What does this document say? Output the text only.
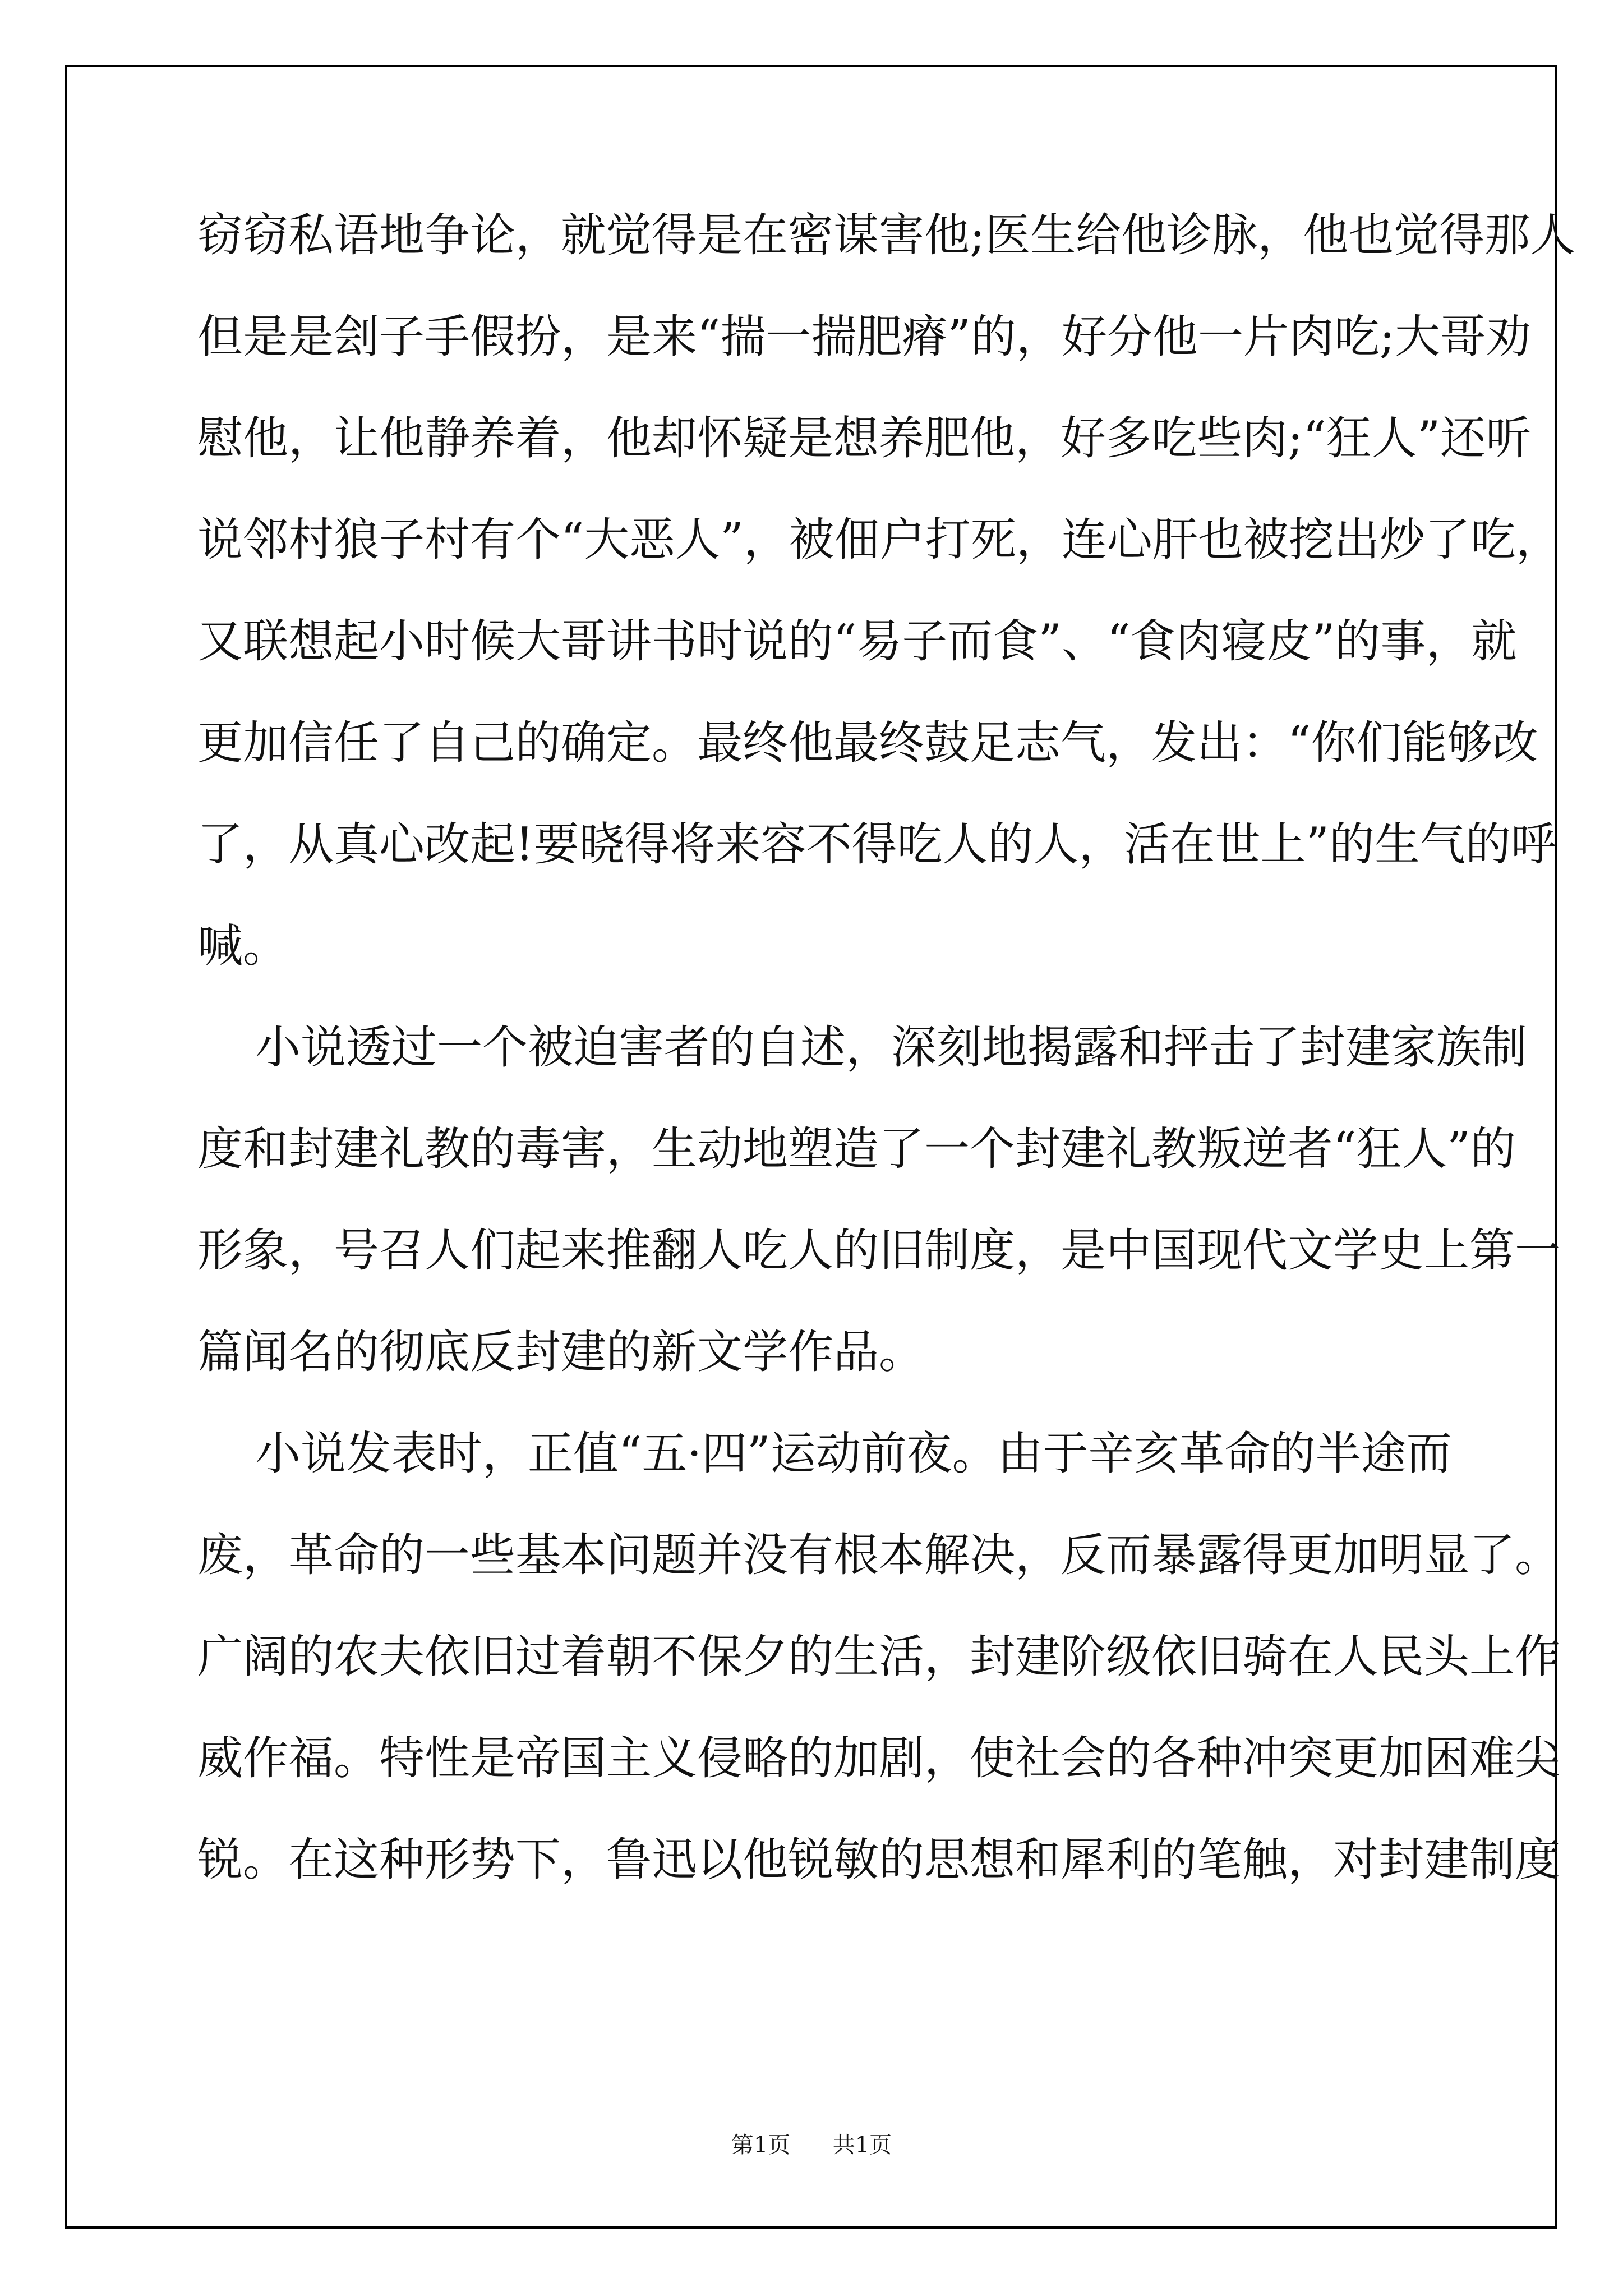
窃窃私语地争论，就觉得是在密谋害他;医生给他诊脉，他也觉得那人
但是是刽子手假扮，是来“揣一揣肥瘠”的，好分他一片肉吃;大哥劝
慰他，让他静养着，他却怀疑是想养肥他，好多吃些肉;“狂人”还听
说邻村狼子村有个“大恶人”，被佃户打死，连心肝也被挖出炒了吃，
又联想起小时候大哥讲书时说的“易子而食”、“食肉寝皮”的事，就
更加信任了自己的确定。最终他最终鼓足志气，发出：“你们能够改
了，从真心改起!要晓得将来容不得吃人的人，活在世上”的生气的呼
喊。
小说透过一个被迫害者的自述，深刻地揭露和抨击了封建家族制
度和封建礼教的毒害，生动地塑造了一个封建礼教叛逆者“狂人”的
形象，号召人们起来推翻人吃人的旧制度，是中国现代文学史上第一
篇闻名的彻底反封建的新文学作品。
小说发表时，正值“五·四”运动前夜。由于辛亥革命的半途而
废，革命的一些基本问题并没有根本解决，反而暴露得更加明显了。
广阔的农夫依旧过着朝不保夕的生活，封建阶级依旧骑在人民头上作
威作福。特性是帝国主义侵略的加剧，使社会的各种冲突更加困难尖
锐。在这种形势下，鲁迅以他锐敏的思想和犀利的笔触，对封建制度
第1页 共1页
